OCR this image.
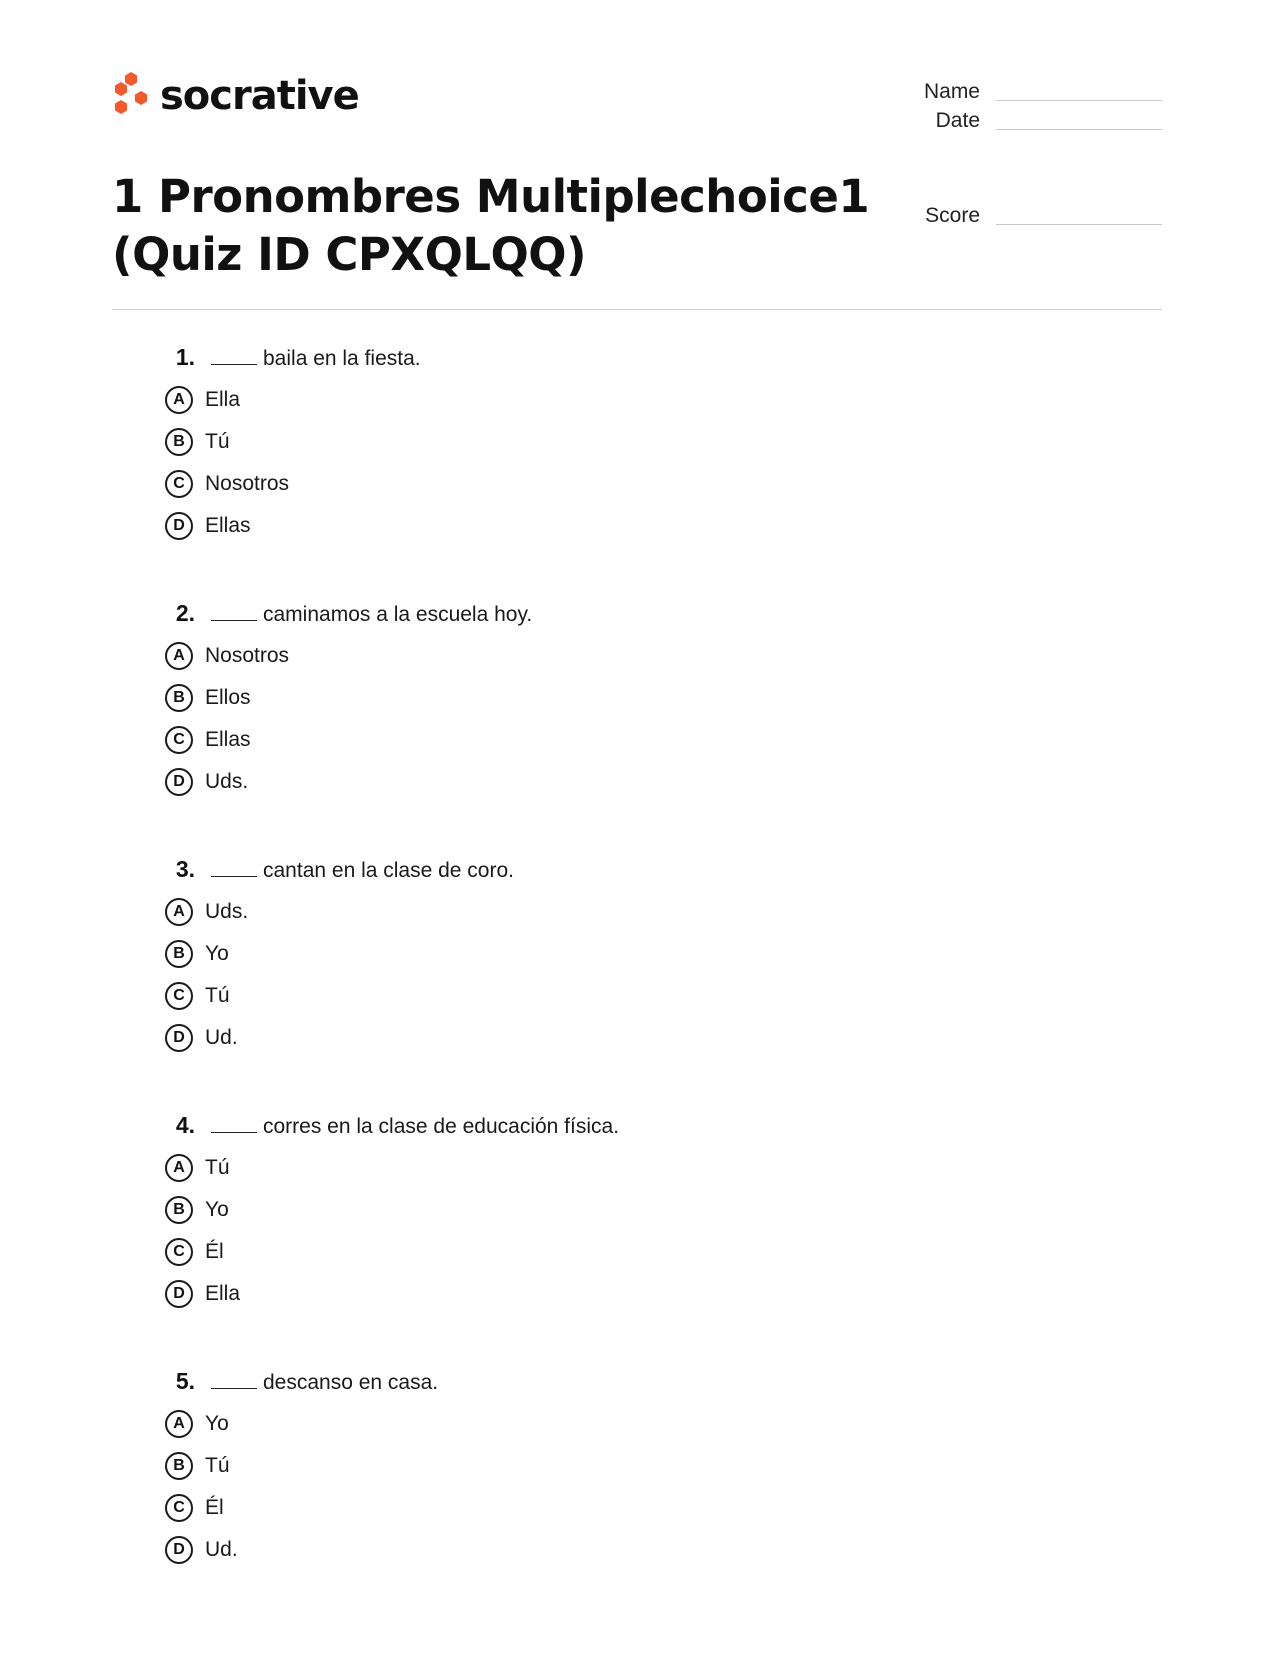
socrative	Name
Date
Score
1 Pronombres Multiplechoice1
(Quiz ID CPXQLQQ)
1.	baila en la fiesta.
A Ella
B Tú
C Nosotros
D Ellas
2.	caminamos a la escuela hoy.
A Nosotros
B Ellos
C Ellas
D Uds.
3.	cantan en la clase de coro.
A Uds.
B Yo
C Tú
D Ud.
4.	corres en la clase de educación física.
A Tú
B Yo
C Él
D Ella
5.	descanso en casa.
A Yo
B Tú
C Él
D Ud.
